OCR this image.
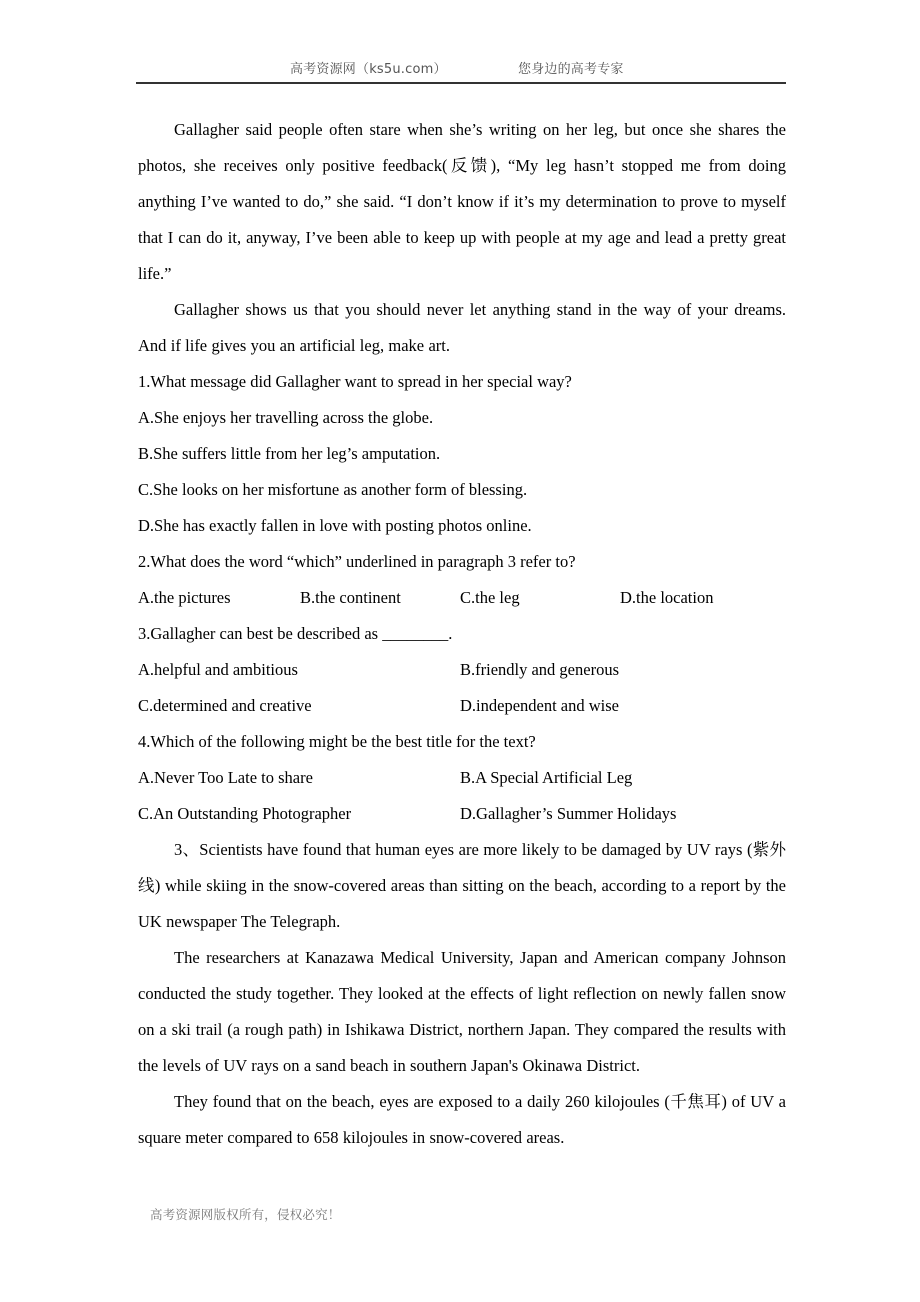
高考资源网（ks5u.com）	您身边的高考专家

Gallagher said people often stare when she’s writing on her leg, but once she shares the photos, she receives only positive feedback(反馈), “My leg hasn’t stopped me from doing anything I’ve wanted to do,” she said. “I don’t know if it’s my determination to prove to myself that I can do it, anyway, I’ve been able to keep up with people at my age and lead a pretty great life.”

Gallagher shows us that you should never let anything stand in the way of your dreams. And if life gives you an artificial leg, make art.

1.What message did Gallagher want to spread in her special way?

A.She enjoys her travelling across the globe.

B.She suffers little from her leg’s amputation.

C.She looks on her misfortune as another form of blessing.

D.She has exactly fallen in love with posting photos online.

2.What does the word “which” underlined in paragraph 3 refer to?

A.the pictures	B.the continent	C.the leg	D.the location

3.Gallagher can best be described as ________.

A.helpful and ambitious	B.friendly and generous
C.determined and creative	D.independent and wise

4.Which of the following might be the best title for the text?

A.Never Too Late to share	B.A Special Artificial Leg
C.An Outstanding Photographer	D.Gallagher’s Summer Holidays

3、Scientists have found that human eyes are more likely to be damaged by UV rays (紫外线) while skiing in the snow-covered areas than sitting on the beach, according to a report by the UK newspaper The Telegraph.

The researchers at Kanazawa Medical University, Japan and American company Johnson conducted the study together. They looked at the effects of light reflection on newly fallen snow on a ski trail (a rough path) in Ishikawa District, northern Japan. They compared the results with the levels of UV rays on a sand beach in southern Japan's Okinawa District.

They found that on the beach, eyes are exposed to a daily 260 kilojoules (千焦耳) of UV a square meter compared to 658 kilojoules in snow-covered areas.

高考资源网版权所有，侵权必究！
